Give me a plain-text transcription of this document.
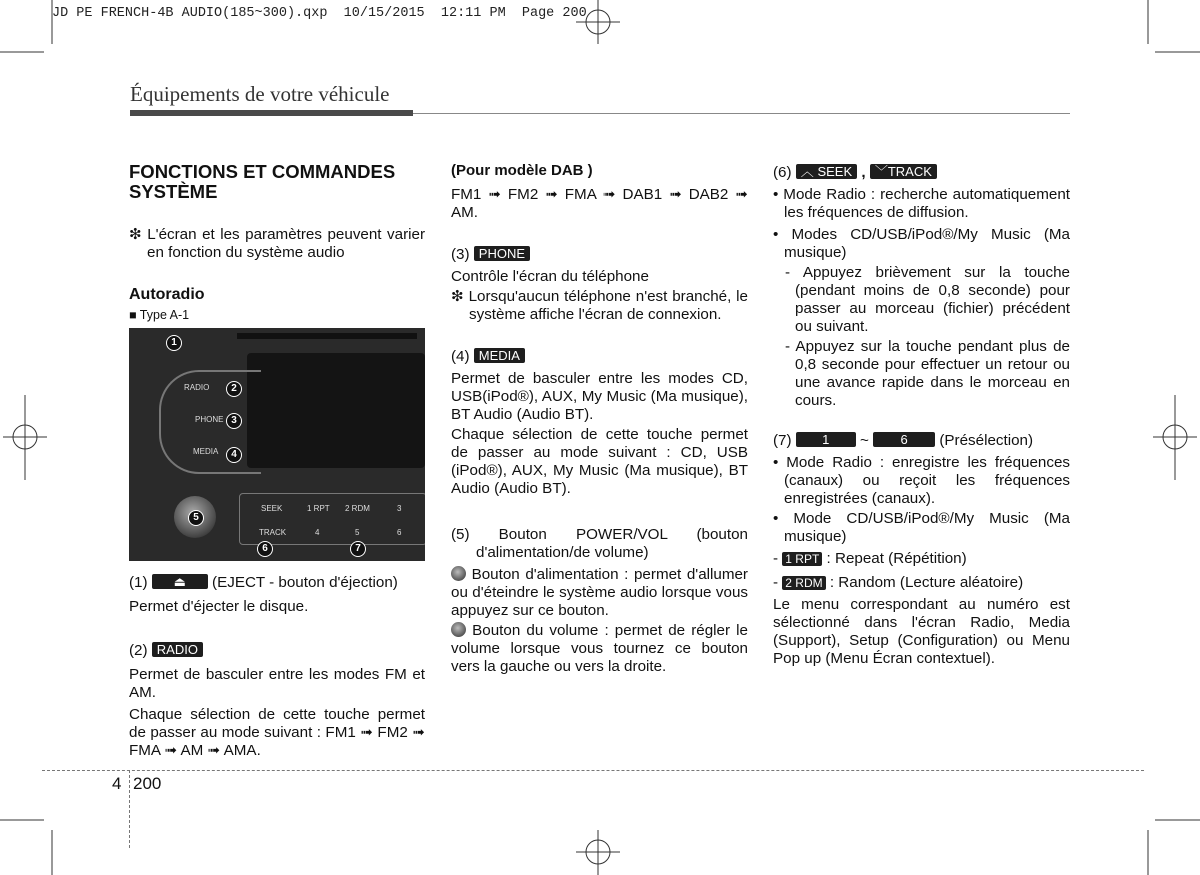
JD PE FRENCH-4B AUDIO(185~300).qxp  10/15/2015  12:11 PM  Page 200
Équipements de votre véhicule

FONCTIONS ET COMMANDES

SYSTÈME

❇ L'écran et les paramètres peuvent varier en fonction du système audio

Autoradio

■ Type A-1

RADIO
PHONE
MEDIA
SEEK
TRACK
1 RPT 2 RDM	3
4	5	6
1
2
3
4
5
6	7

(1) ⏏ (EJECT - bouton d'éjection)

Permet d'éjecter le disque.

(2) RADIO

Permet de basculer entre les modes FM et AM.

Chaque sélection de cette touche permet de passer au mode suivant : FM1 ➟ FM2 ➟ FMA ➟ AM ➟ AMA.

(Pour modèle DAB )

FM1 ➟ FM2 ➟ FMA ➟ DAB1 ➟ DAB2 ➟ AM.

(3) PHONE

Contrôle l'écran du téléphone

❇ Lorsqu'aucun téléphone n'est branché, le système affiche l'écran de connexion.

(4) MEDIA

Permet de basculer entre les modes CD, USB(iPod®), AUX, My Music (Ma musique), BT Audio (Audio BT).

Chaque sélection de cette touche permet de passer au mode suivant : CD, USB (iPod®), AUX, My Music (Ma musique), BT Audio (Audio BT).

(5) Bouton POWER/VOL (bouton d'alimentation/de volume)

Bouton d'alimentation : permet d'allumer ou d'éteindre le système audio lorsque vous appuyez sur ce bouton.

Bouton du volume : permet de régler le volume lorsque vous tournez ce bouton vers la gauche ou vers la droite.

(6) ︿ SEEK , ﹀TRACK

• Mode Radio : recherche automatiquement les fréquences de diffusion.

• Modes CD/USB/iPod®/My Music (Ma musique)

- Appuyez brièvement sur la touche (pendant moins de 0,8 seconde) pour passer au morceau (fichier) précédent ou suivant.

- Appuyez sur la touche pendant plus de 0,8 seconde pour effectuer un retour ou une avance rapide dans le morceau en cours.

(7) 1 ~ 6 (Présélection)

• Mode Radio : enregistre les fréquences (canaux) ou reçoit les fréquences enregistrées (canaux).

• Mode CD/USB/iPod®/My Music (Ma musique)

- 1 RPT : Repeat (Répétition)

- 2 RDM : Random (Lecture aléatoire)

Le menu correspondant au numéro est sélectionné dans l'écran Radio, Media (Support), Setup (Configuration) ou Menu Pop up (Menu Écran contextuel).

4 200
